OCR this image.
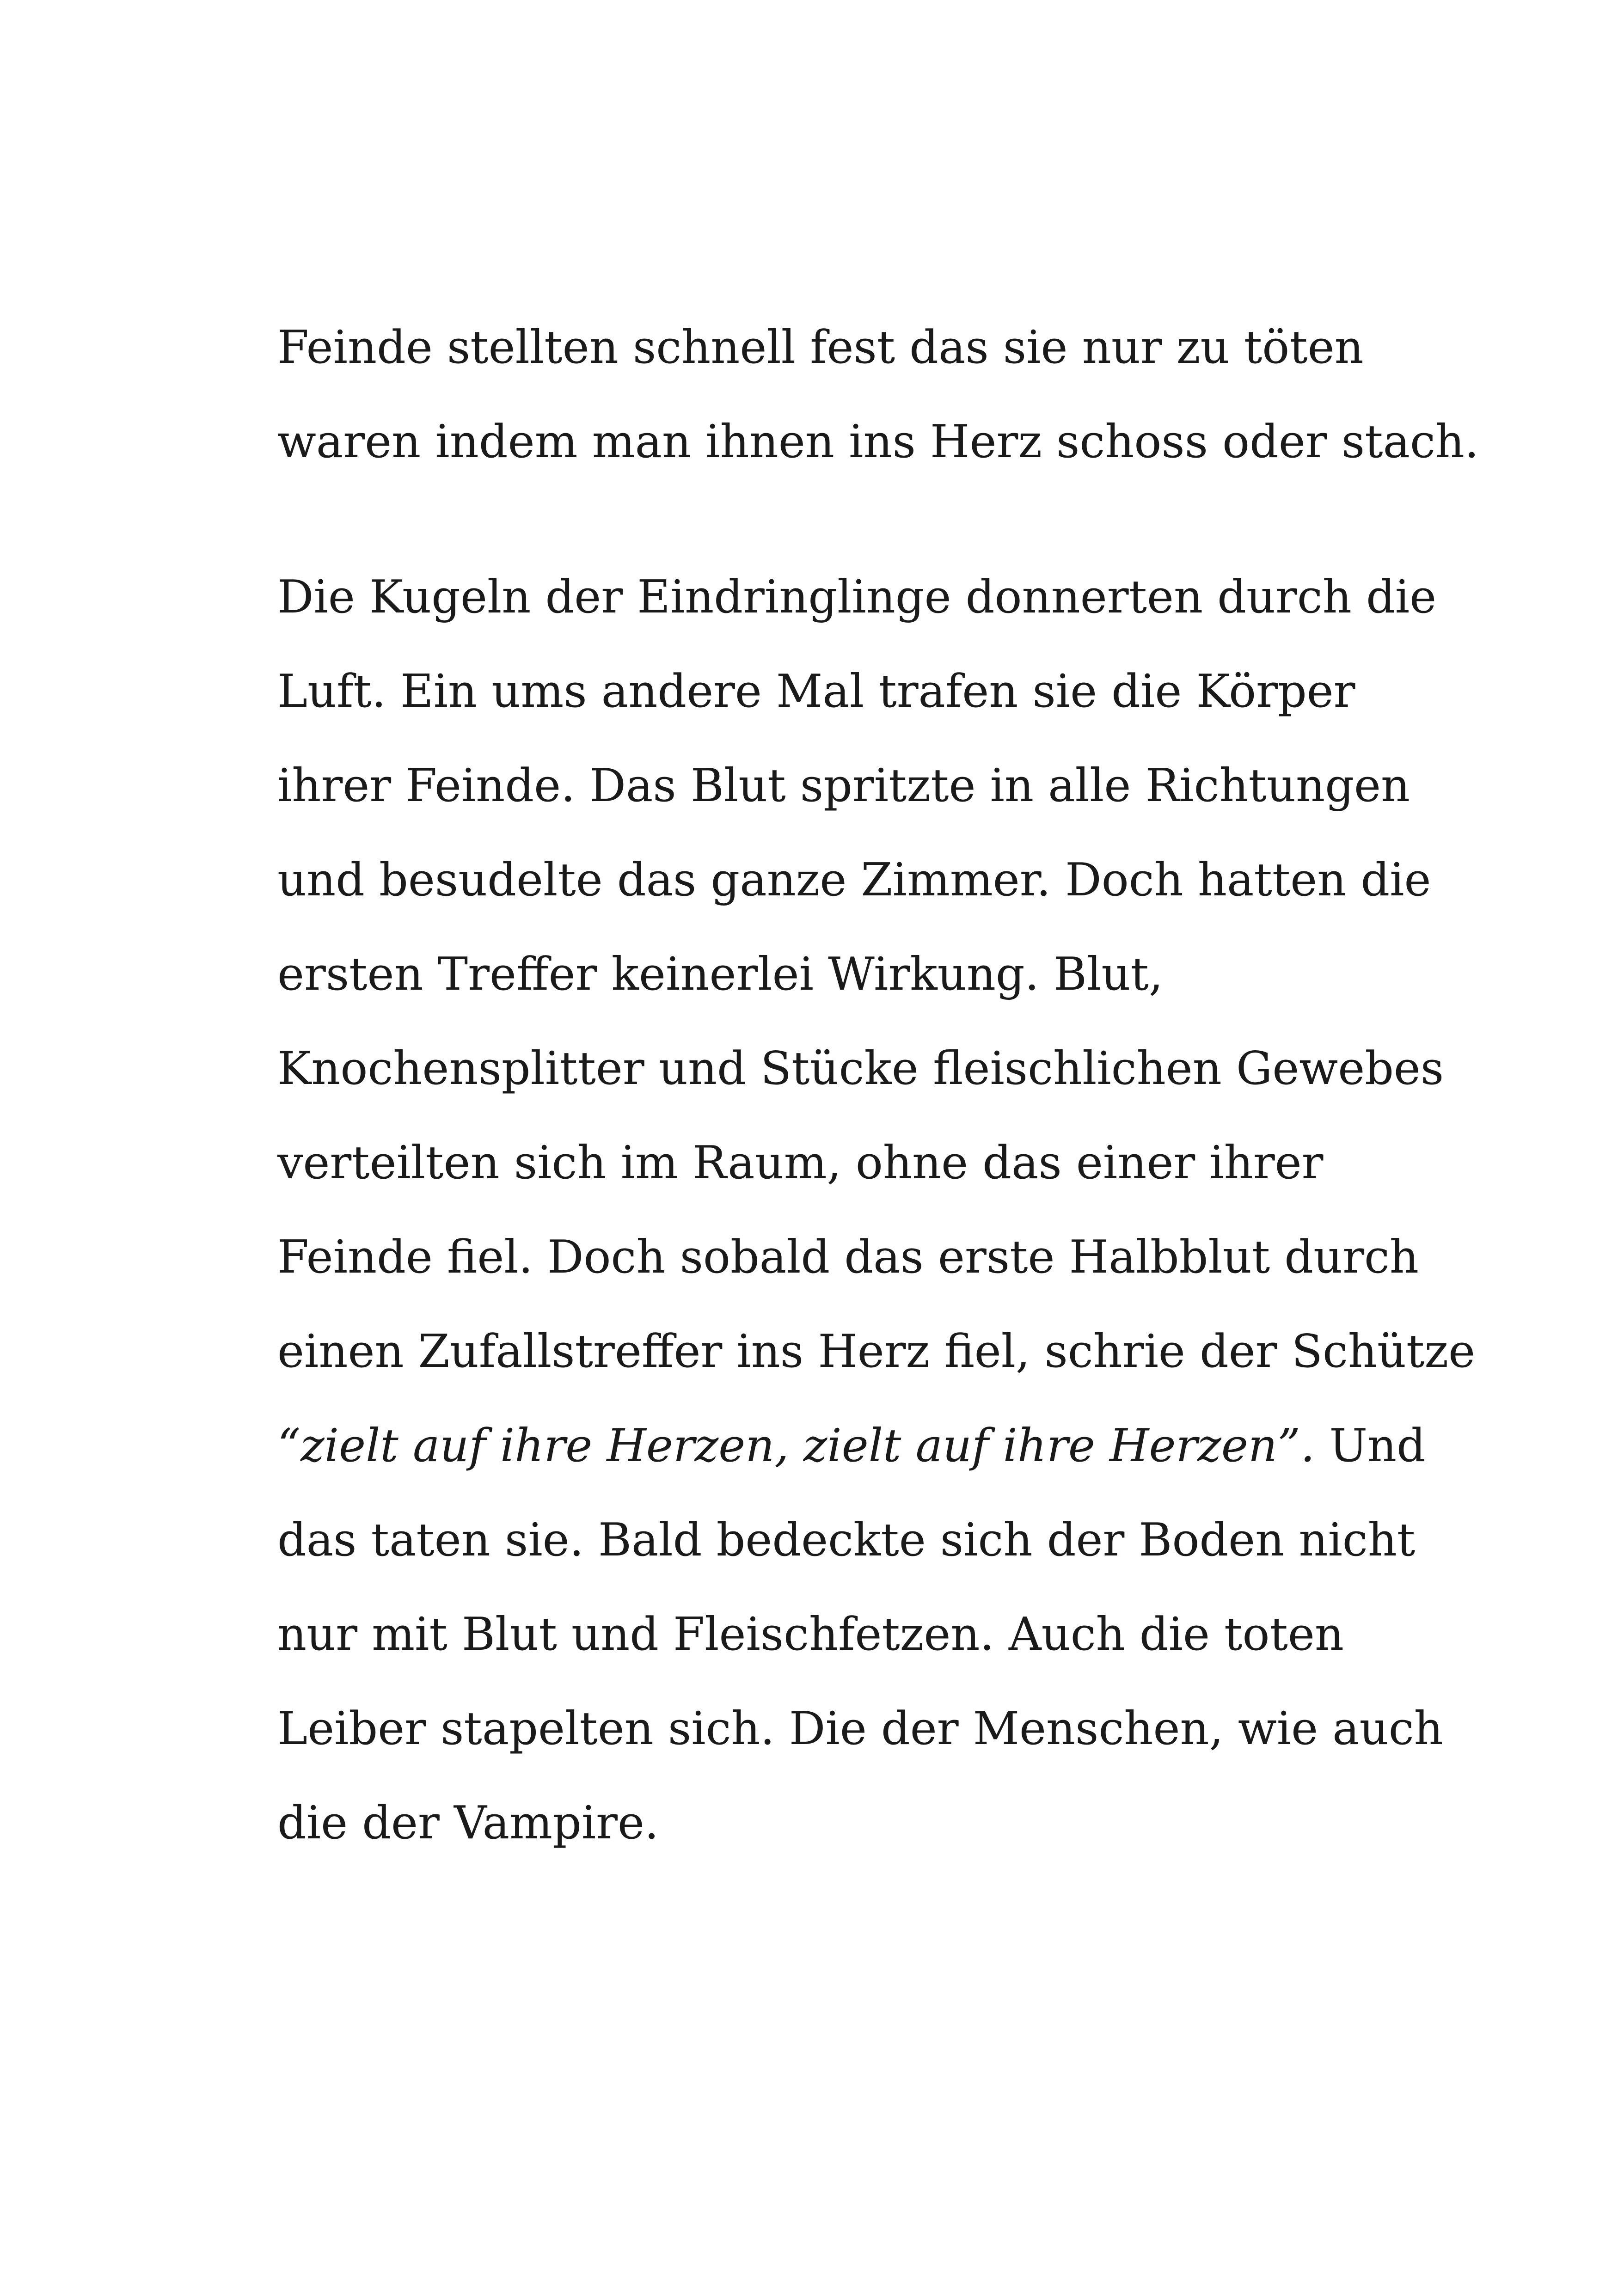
Feinde stellten schnell fest das sie nur zu töten
waren indem man ihnen ins Herz schoss oder stach.
Die Kugeln der Eindringlinge donnerten durch die
Luft. Ein ums andere Mal trafen sie die Körper
ihrer Feinde. Das Blut spritzte in alle Richtungen
und besudelte das ganze Zimmer. Doch hatten die
ersten Treffer keinerlei Wirkung. Blut,
Knochensplitter und Stücke fleischlichen Gewebes
verteilten sich im Raum, ohne das einer ihrer
Feinde fiel. Doch sobald das erste Halbblut durch
einen Zufallstreffer ins Herz fiel, schrie der Schütze
“zielt auf ihre Herzen, zielt auf ihre Herzen”. Und
das taten sie. Bald bedeckte sich der Boden nicht
nur mit Blut und Fleischfetzen. Auch die toten
Leiber stapelten sich. Die der Menschen, wie auch
die der Vampire.
